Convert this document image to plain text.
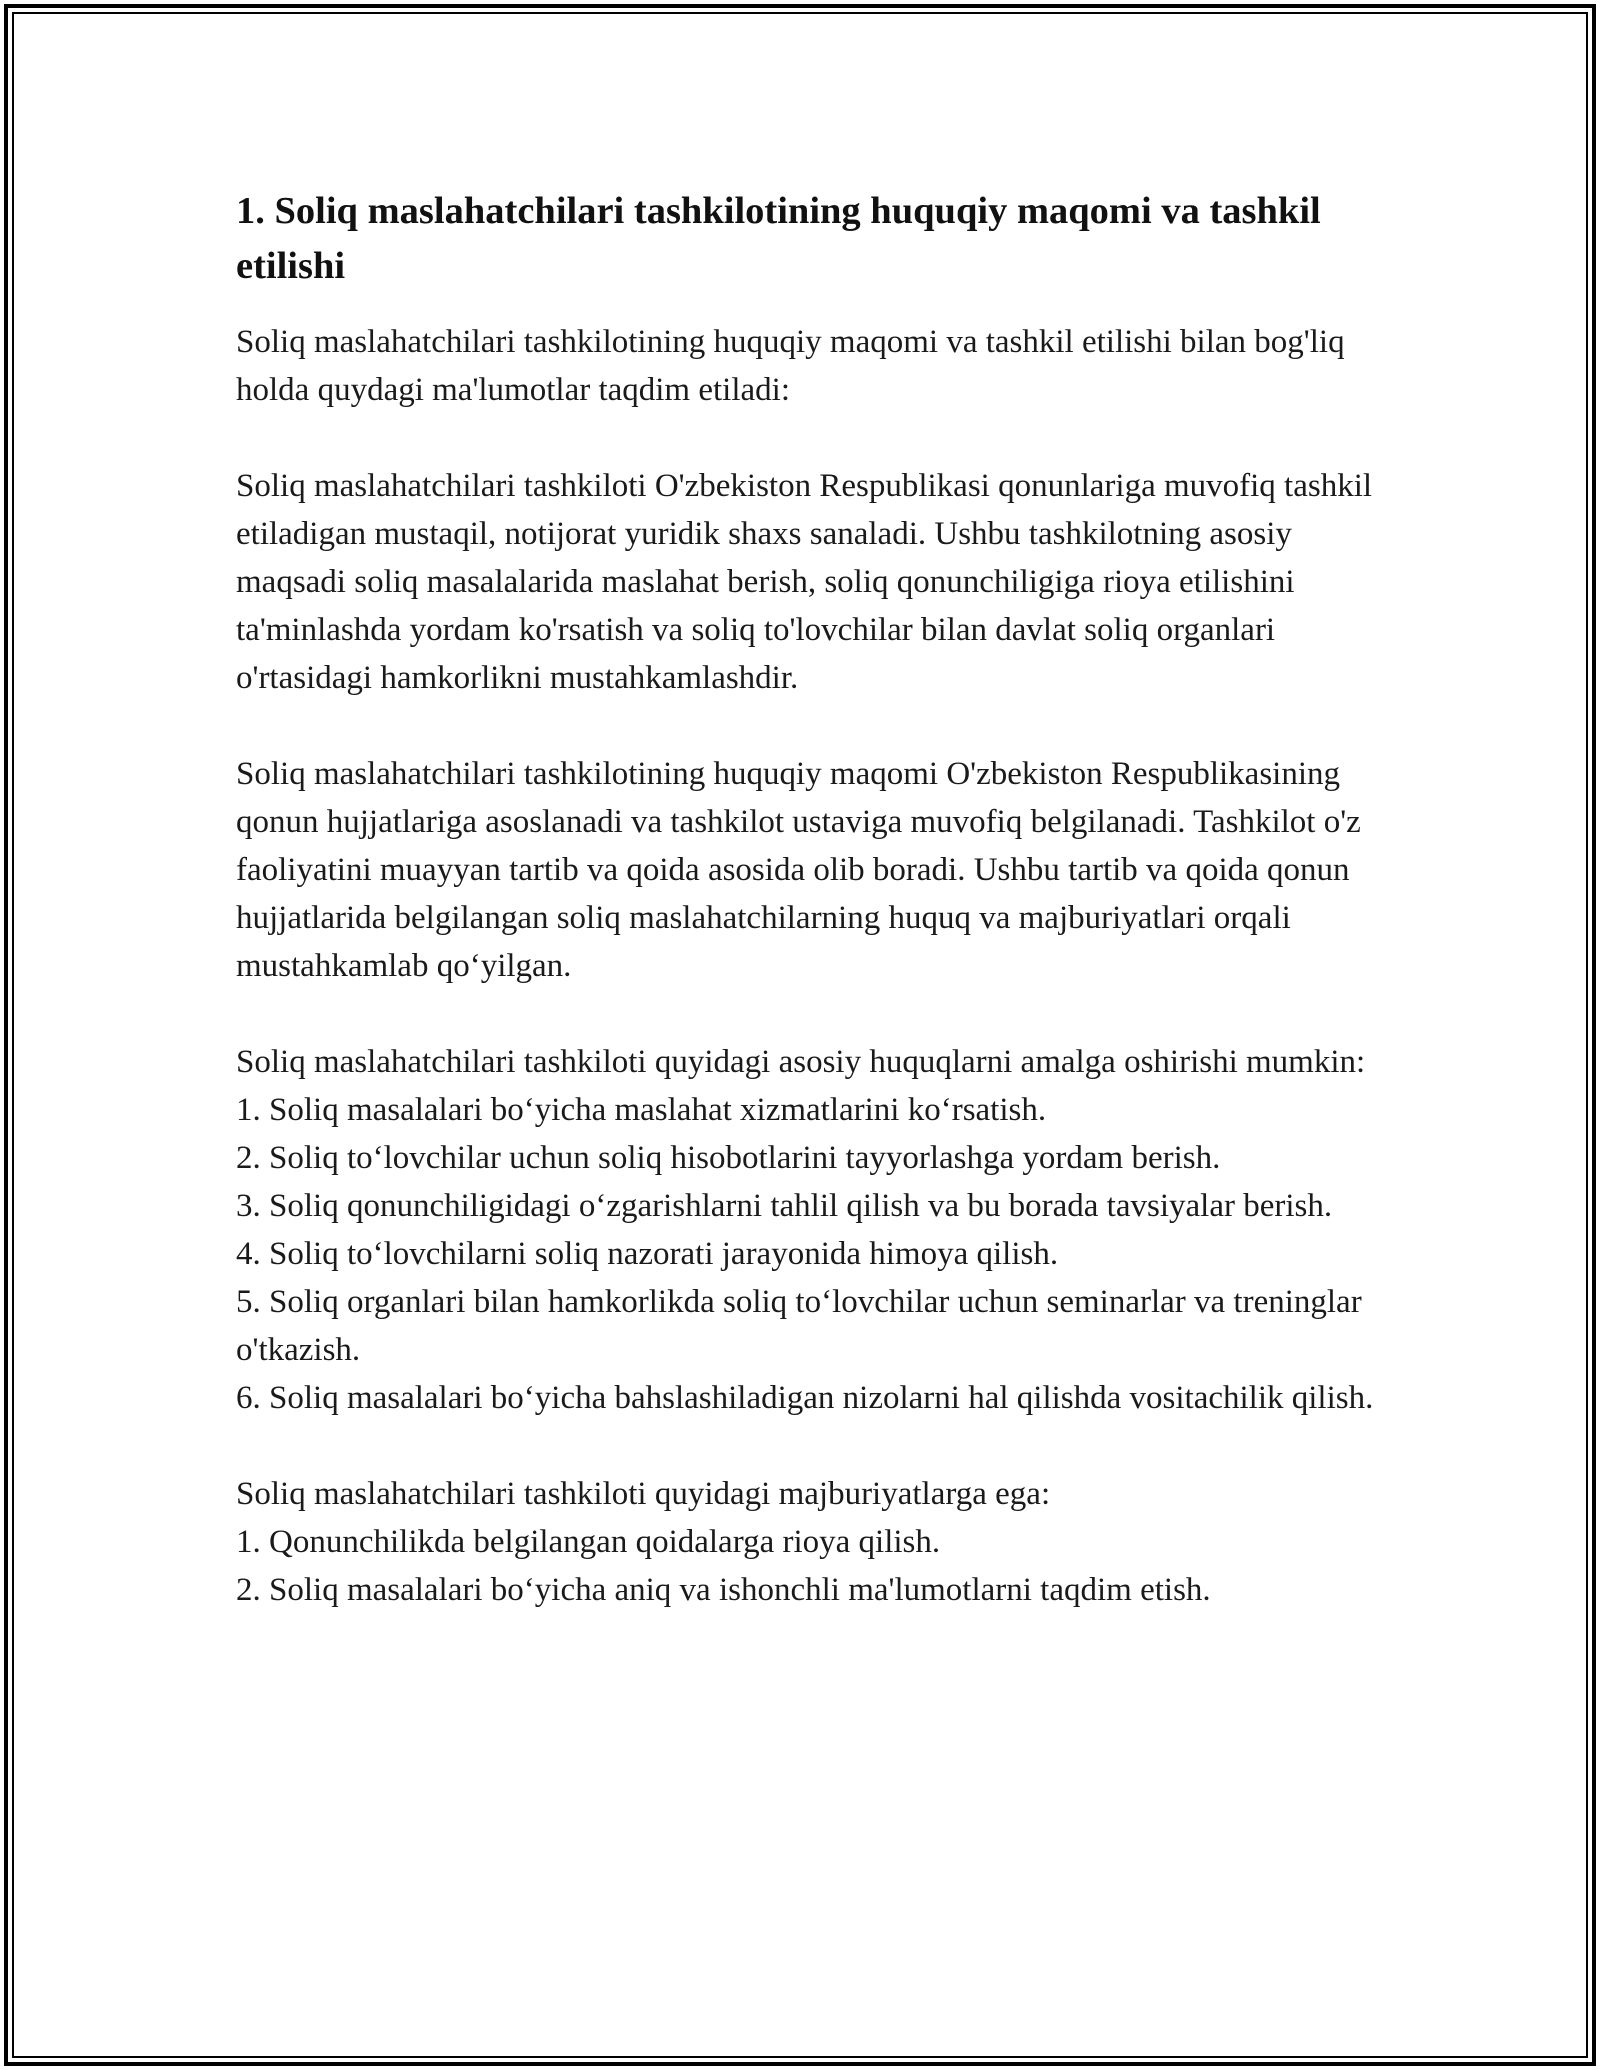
1. Soliq maslahatchilari tashkilotining huquqiy maqomi va tashkil etilishi

Soliq maslahatchilari tashkilotining huquqiy maqomi va tashkil etilishi bilan bog'liq holda quydagi ma'lumotlar taqdim etiladi:

Soliq maslahatchilari tashkiloti O'zbekiston Respublikasi qonunlariga muvofiq tashkil etiladigan mustaqil, notijorat yuridik shaxs sanaladi. Ushbu tashkilotning asosiy maqsadi soliq masalalarida maslahat berish, soliq qonunchiligiga rioya etilishini ta'minlashda yordam ko'rsatish va soliq to'lovchilar bilan davlat soliq organlari o'rtasidagi hamkorlikni mustahkamlashdir.

Soliq maslahatchilari tashkilotining huquqiy maqomi O'zbekiston Respublikasining qonun hujjatlariga asoslanadi va tashkilot ustaviga muvofiq belgilanadi. Tashkilot o'z faoliyatini muayyan tartib va qoida asosida olib boradi. Ushbu tartib va qoida qonun hujjatlarida belgilangan soliq maslahatchilarning huquq va majburiyatlari orqali mustahkamlab qo‘yilgan.

Soliq maslahatchilari tashkiloti quyidagi asosiy huquqlarni amalga oshirishi mumkin:
1. Soliq masalalari bo‘yicha maslahat xizmatlarini ko‘rsatish.
2. Soliq to‘lovchilar uchun soliq hisobotlarini tayyorlashga yordam berish.
3. Soliq qonunchiligidagi o‘zgarishlarni tahlil qilish va bu borada tavsiyalar berish.
4. Soliq to‘lovchilarni soliq nazorati jarayonida himoya qilish.
5. Soliq organlari bilan hamkorlikda soliq to‘lovchilar uchun seminarlar va treninglar o'tkazish.
6. Soliq masalalari bo‘yicha bahslashiladigan nizolarni hal qilishda vositachilik qilish.
Soliq maslahatchilari tashkiloti quyidagi majburiyatlarga ega:
1. Qonunchilikda belgilangan qoidalarga rioya qilish.
2. Soliq masalalari bo‘yicha aniq va ishonchli ma'lumotlarni taqdim etish.
